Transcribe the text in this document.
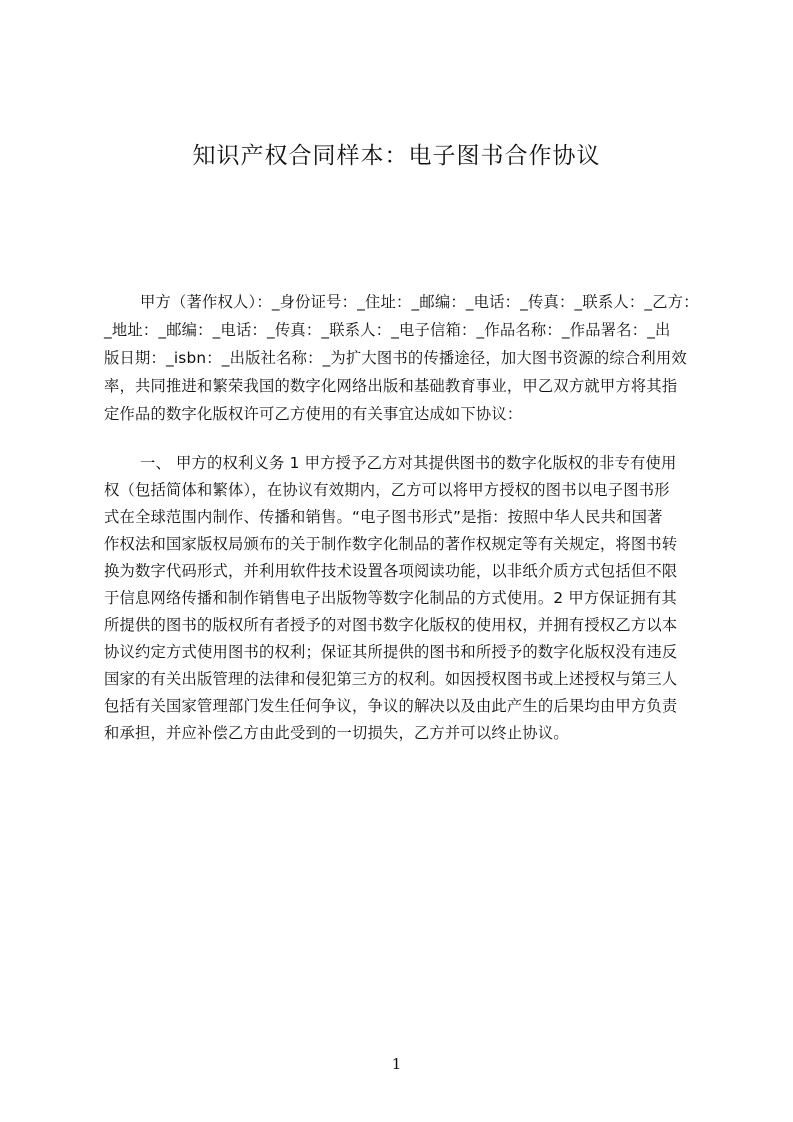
知识产权合同样本：电子图书合作协议
甲方（著作权人）：_身份证号：_住址：_邮编：_电话：_传真：_联系人：_乙方：
_地址：_邮编：_电话：_传真：_联系人：_电子信箱：_作品名称：_作品署名：_出
版日期：_isbn：_出版社名称：_为扩大图书的传播途径，加大图书资源的综合利用效
率，共同推进和繁荣我国的数字化网络出版和基础教育事业，甲乙双方就甲方将其指
定作品的数字化版权许可乙方使用的有关事宜达成如下协议：
一、 甲方的权利义务 1 甲方授予乙方对其提供图书的数字化版权的非专有使用
权（包括简体和繁体），在协议有效期内，乙方可以将甲方授权的图书以电子图书形
式在全球范围内制作、传播和销售。“电子图书形式”是指：按照中华人民共和国著
作权法和国家版权局颁布的关于制作数字化制品的著作权规定等有关规定，将图书转
换为数字代码形式，并利用软件技术设置各项阅读功能，以非纸介质方式包括但不限
于信息网络传播和制作销售电子出版物等数字化制品的方式使用。2 甲方保证拥有其
所提供的图书的版权所有者授予的对图书数字化版权的使用权，并拥有授权乙方以本
协议约定方式使用图书的权利；保证其所提供的图书和所授予的数字化版权没有违反
国家的有关出版管理的法律和侵犯第三方的权利。如因授权图书或上述授权与第三人
包括有关国家管理部门发生任何争议，争议的解决以及由此产生的后果均由甲方负责
和承担，并应补偿乙方由此受到的一切损失，乙方并可以终止协议。
1
